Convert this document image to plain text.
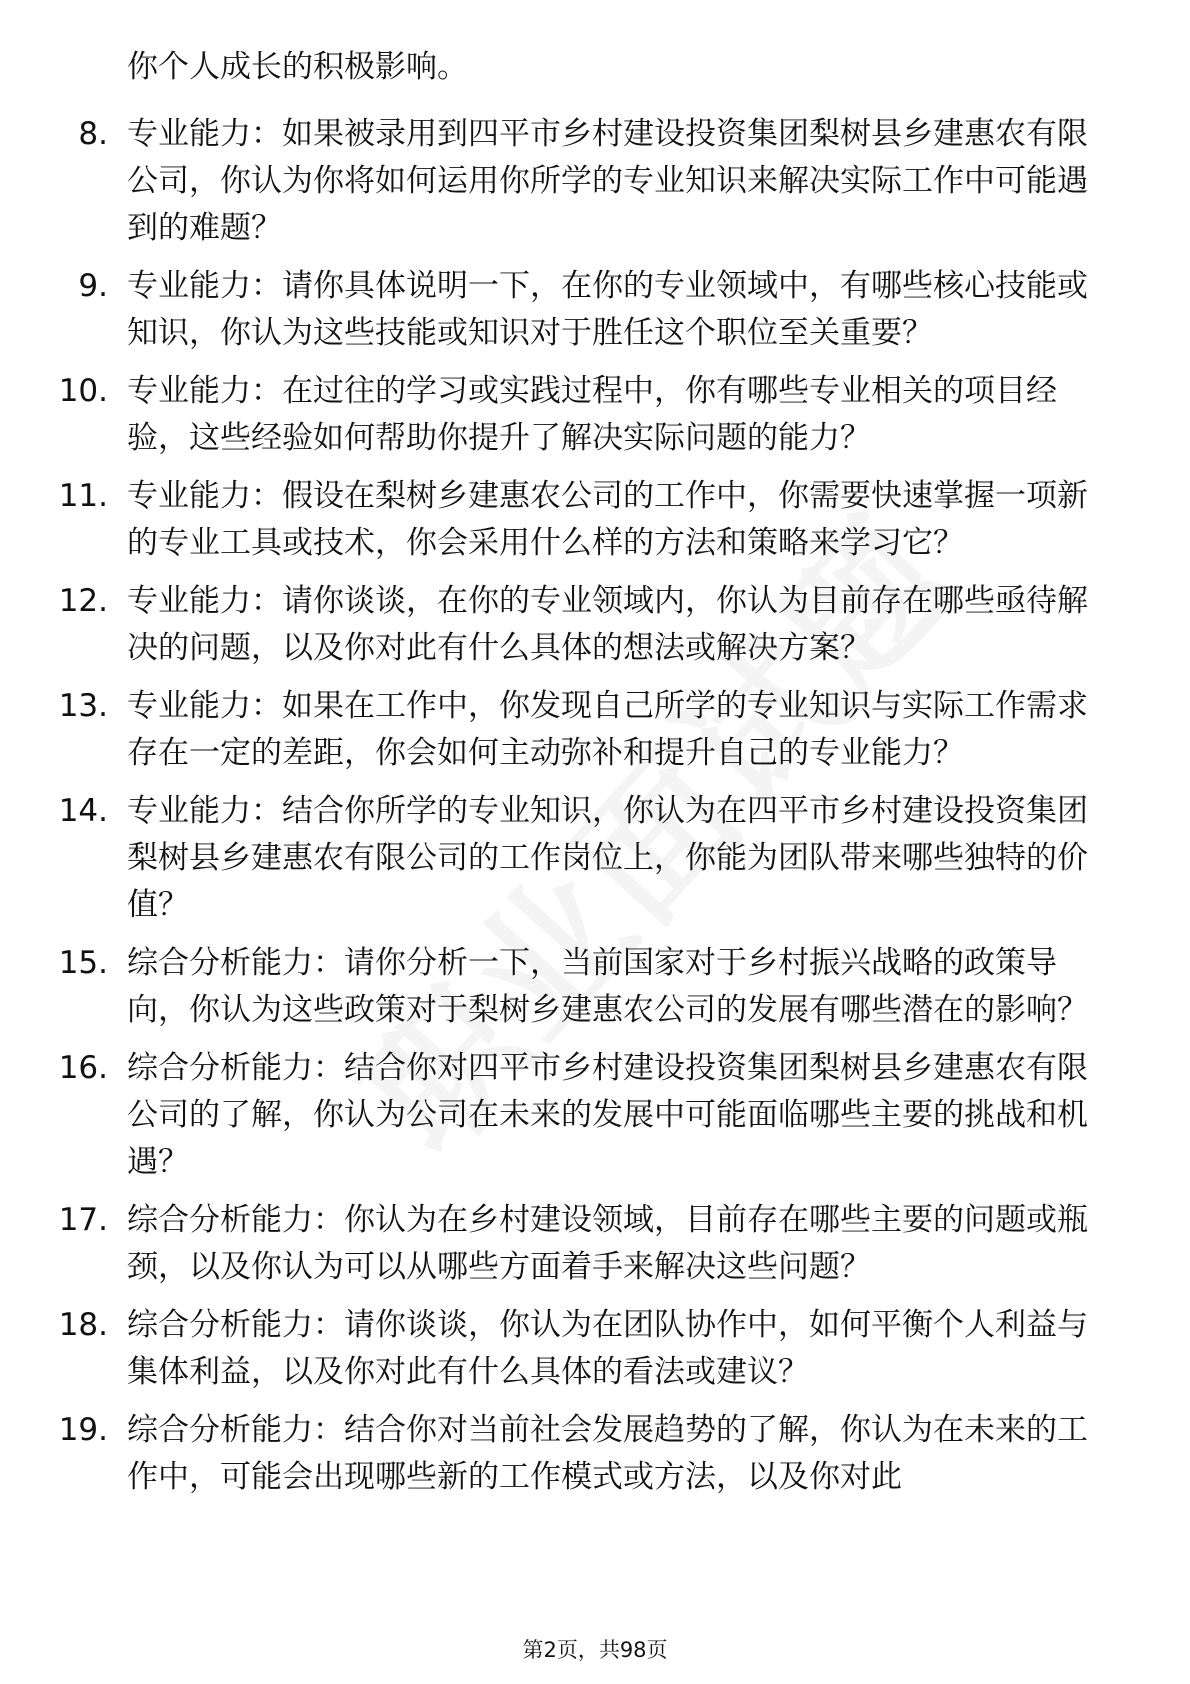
你个人成长的积极影响。
8. 专业能力：如果被录用到四平市乡村建设投资集团梨树县乡建惠农有限公司，你认为你将如何运用你所学的专业知识来解决实际工作中可能遇到的难题？
9. 专业能力：请你具体说明一下，在你的专业领域中，有哪些核心技能或知识，你认为这些技能或知识对于胜任这个职位至关重要？
10. 专业能力：在过往的学习或实践过程中，你有哪些专业相关的项目经验，这些经验如何帮助你提升了解决实际问题的能力？
11. 专业能力：假设在梨树乡建惠农公司的工作中，你需要快速掌握一项新的专业工具或技术，你会采用什么样的方法和策略来学习它？
12. 专业能力：请你谈谈，在你的专业领域内，你认为目前存在哪些亟待解决的问题，以及你对此有什么具体的想法或解决方案？
13. 专业能力：如果在工作中，你发现自己所学的专业知识与实际工作需求存在一定的差距，你会如何主动弥补和提升自己的专业能力？
14. 专业能力：结合你所学的专业知识，你认为在四平市乡村建设投资集团梨树县乡建惠农有限公司的工作岗位上，你能为团队带来哪些独特的价值？
15. 综合分析能力：请你分析一下，当前国家对于乡村振兴战略的政策导向，你认为这些政策对于梨树乡建惠农公司的发展有哪些潜在的影响？
16. 综合分析能力：结合你对四平市乡村建设投资集团梨树县乡建惠农有限公司的了解，你认为公司在未来的发展中可能面临哪些主要的挑战和机遇？
17. 综合分析能力：你认为在乡村建设领域，目前存在哪些主要的问题或瓶颈，以及你认为可以从哪些方面着手来解决这些问题？
18. 综合分析能力：请你谈谈，你认为在团队协作中，如何平衡个人利益与集体利益，以及你对此有什么具体的看法或建议？
19. 综合分析能力：结合你对当前社会发展趋势的了解，你认为在未来的工作中，可能会出现哪些新的工作模式或方法，以及你对此
第2页，共98页
